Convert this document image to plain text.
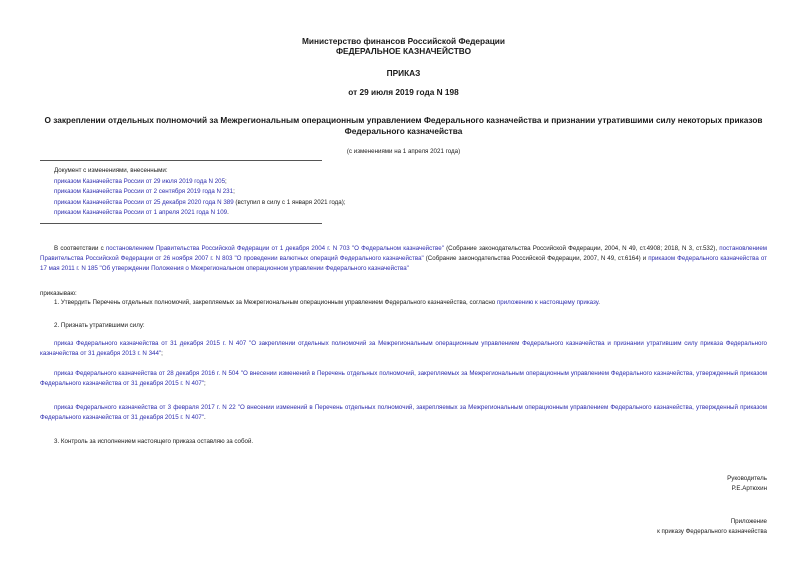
Министерство финансов Российской Федерации
ФЕДЕРАЛЬНОЕ КАЗНАЧЕЙСТВО
ПРИКАЗ
от 29 июля 2019 года N 198
О закреплении отдельных полномочий за Межрегиональным операционным управлением Федерального казначейства и признании утратившими силу некоторых приказов Федерального казначейства
(с изменениями на 1 апреля 2021 года)
Документ с изменениями, внесенными:
приказом Казначейства России от 29 июля 2019 года N 205;
приказом Казначейства России от 2 сентября 2019 года N 231;
приказом Казначейства России от 25 декабря 2020 года N 389 (вступил в силу с 1 января 2021 года);
приказом Казначейства России от 1 апреля 2021 года N 109.
В соответствии с постановлением Правительства Российской Федерации от 1 декабря 2004 г. N 703 "О Федеральном казначействе" (Собрание законодательства Российской Федерации, 2004, N 49, ст.4908; 2018, N 3, ст.532), постановлением Правительства Российской Федерации от 26 ноября 2007 г. N 803 "О проведении валютных операций Федерального казначейства" (Собрание законодательства Российской Федерации, 2007, N 49, ст.6164) и приказом Федерального казначейства от 17 мая 2011 г. N 185 "Об утверждении Положения о Межрегиональном операционном управлении Федерального казначейства"
приказываю:
1. Утвердить Перечень отдельных полномочий, закрепляемых за Межрегиональным операционным управлением Федерального казначейства, согласно приложению к настоящему приказу.
2. Признать утратившими силу:
приказ Федерального казначейства от 31 декабря 2015 г. N 407 "О закреплении отдельных полномочий за Межрегиональным операционным управлением Федерального казначейства и признании утратившим силу приказа Федерального казначейства от 31 декабря 2013 г. N 344";
приказ Федерального казначейства от 28 декабря 2016 г. N 504 "О внесении изменений в Перечень отдельных полномочий, закрепляемых за Межрегиональным операционным управлением Федерального казначейства, утвержденный приказом Федерального казначейства от 31 декабря 2015 г. N 407";
приказ Федерального казначейства от 3 февраля 2017 г. N 22 "О внесении изменений в Перечень отдельных полномочий, закрепляемых за Межрегиональным операционным управлением Федерального казначейства, утвержденный приказом Федерального казначейства от 31 декабря 2015 г. N 407".
3. Контроль за исполнением настоящего приказа оставляю за собой.
Руководитель
Р.Е.Артюхин
Приложение
к приказу Федерального казначейства
